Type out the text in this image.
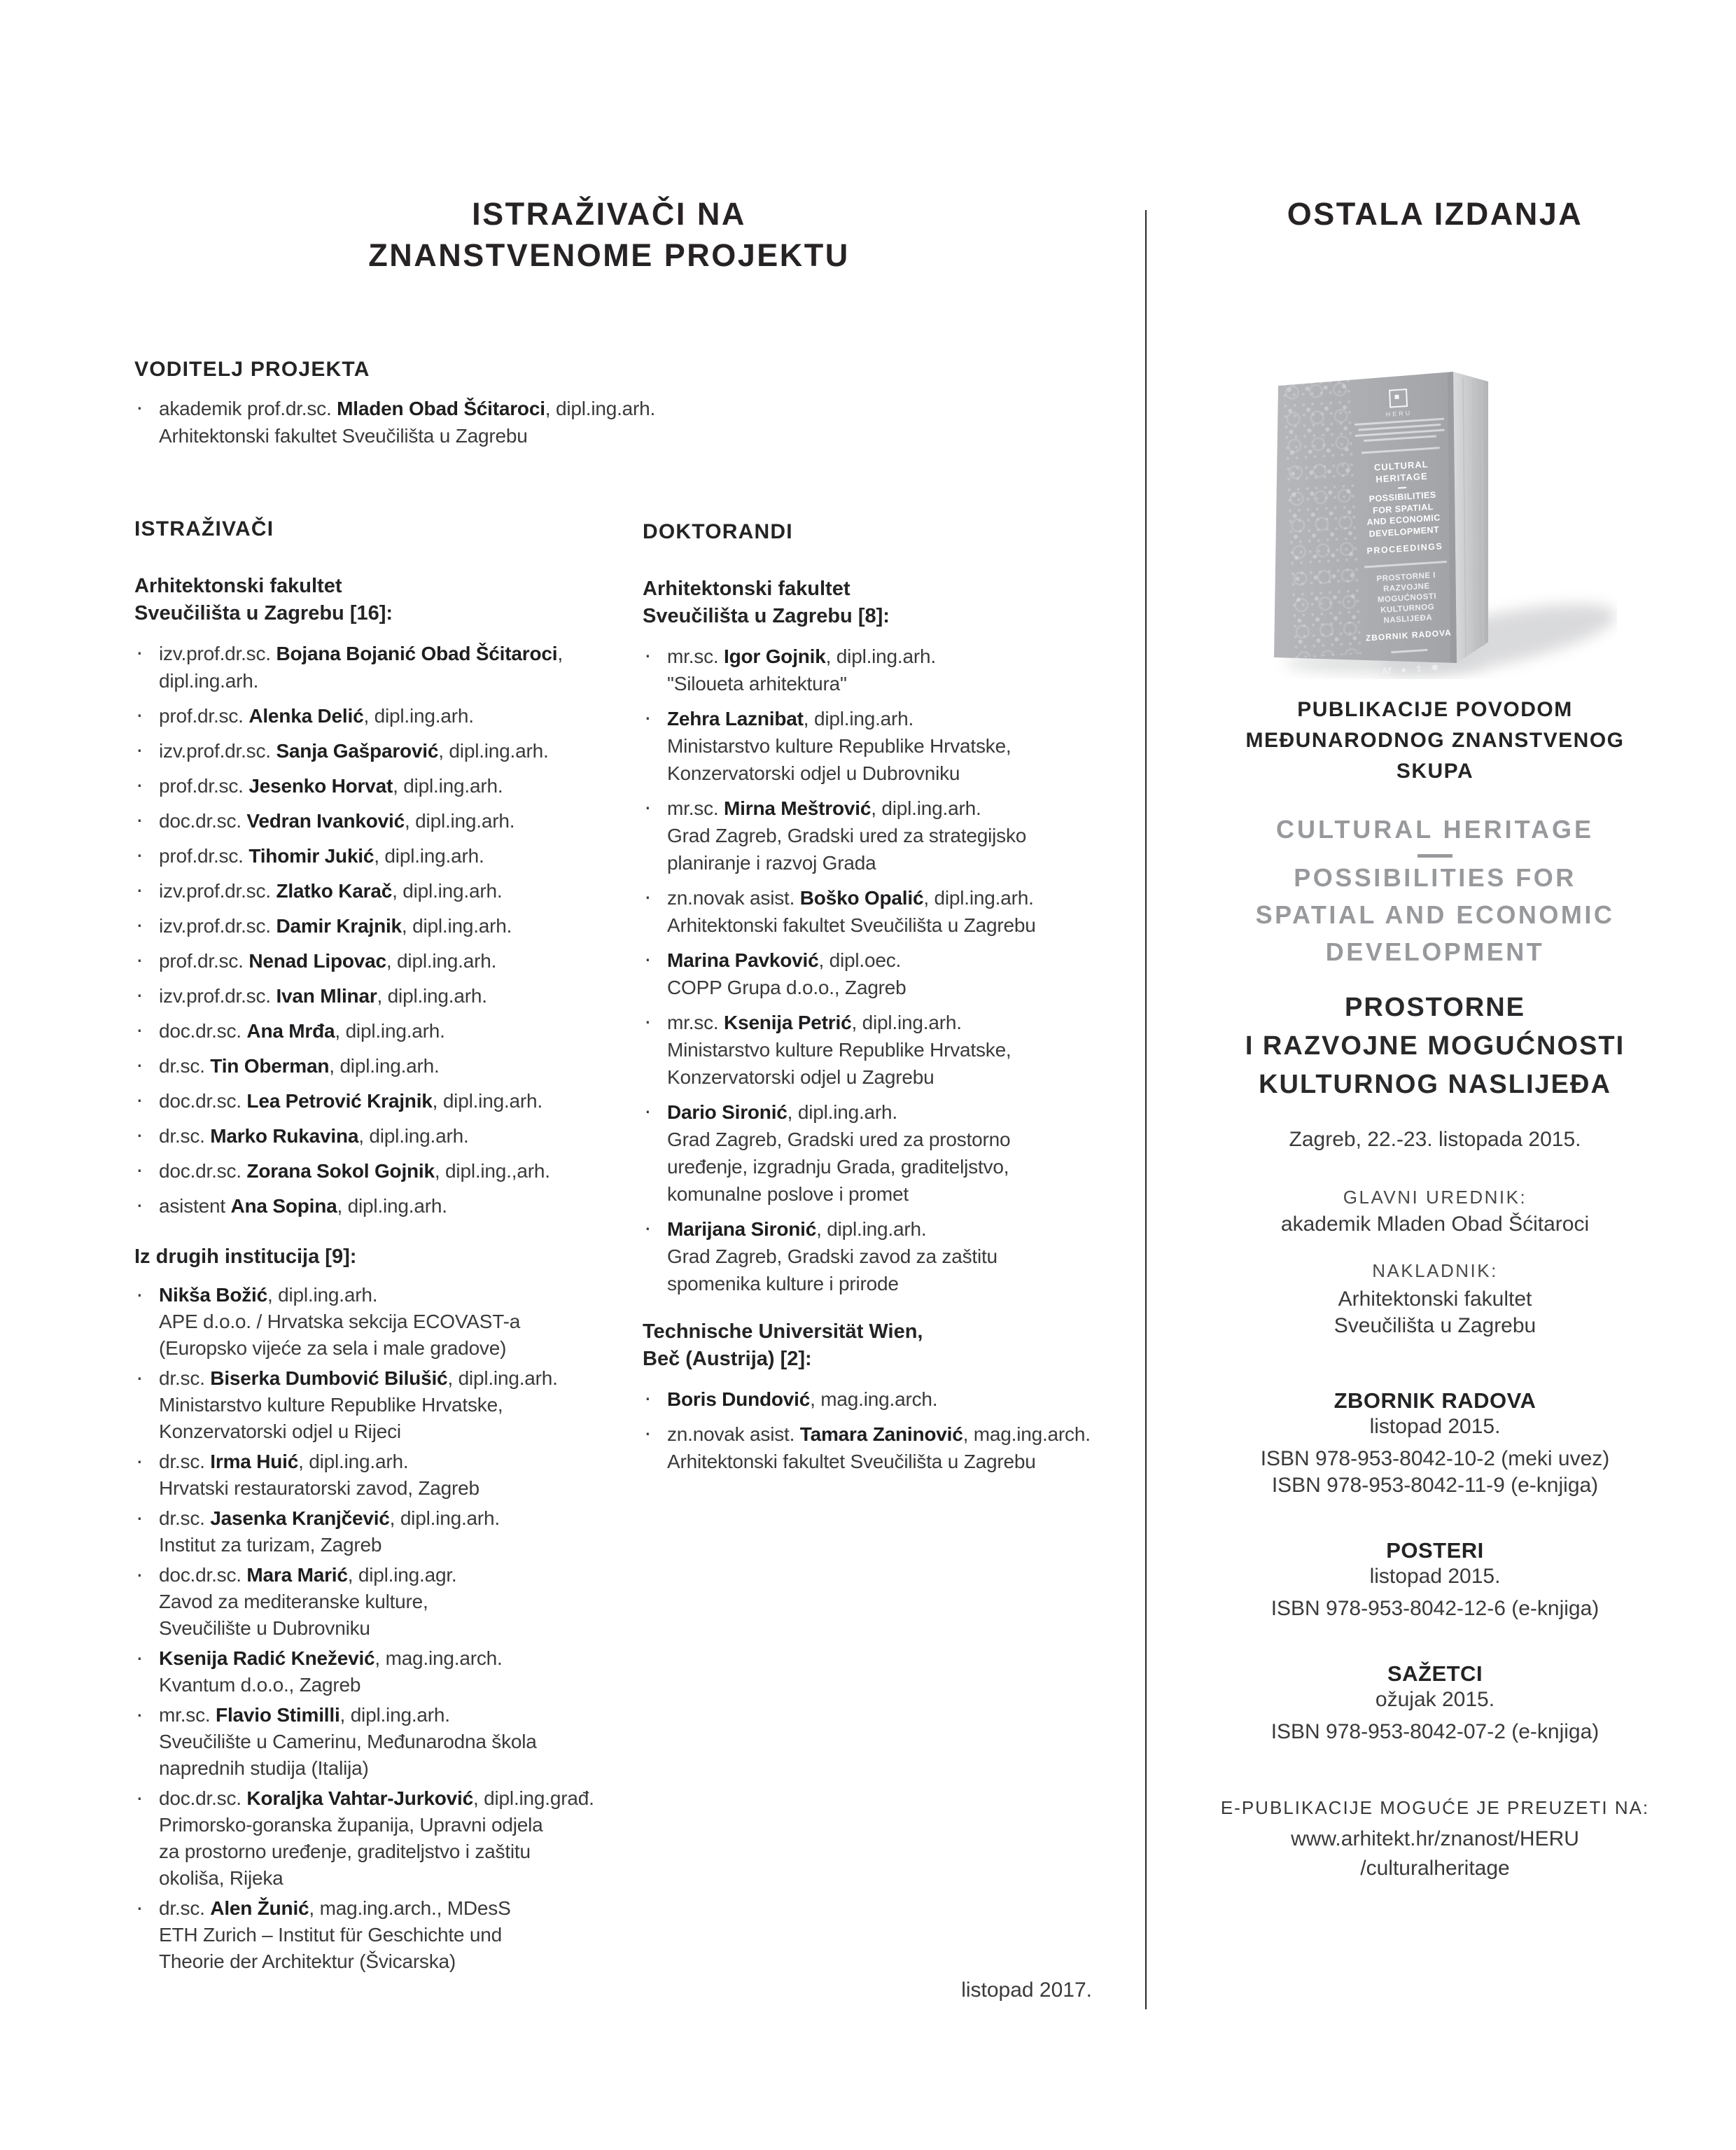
ISTRAŽIVAČI NA
ZNANSTVENOME PROJEKTU
VODITELJ PROJEKTA
· akademik prof.dr.sc. Mladen Obad Šćitaroci, dipl.ing.arh.
Arhitektonski fakultet Sveučilišta u Zagrebu
ISTRAŽIVAČI
Arhitektonski fakultet
Sveučilišta u Zagrebu [16]:
· izv.prof.dr.sc. Bojana Bojanić Obad Šćitaroci,
dipl.ing.arh.
· prof.dr.sc. Alenka Delić, dipl.ing.arh.
· izv.prof.dr.sc. Sanja Gašparović, dipl.ing.arh.
· prof.dr.sc. Jesenko Horvat, dipl.ing.arh.
· doc.dr.sc. Vedran Ivanković, dipl.ing.arh.
· prof.dr.sc. Tihomir Jukić, dipl.ing.arh.
· izv.prof.dr.sc. Zlatko Karač, dipl.ing.arh.
· izv.prof.dr.sc. Damir Krajnik, dipl.ing.arh.
· prof.dr.sc. Nenad Lipovac, dipl.ing.arh.
· izv.prof.dr.sc. Ivan Mlinar, dipl.ing.arh.
· doc.dr.sc. Ana Mrđa, dipl.ing.arh.
· dr.sc. Tin Oberman, dipl.ing.arh.
· doc.dr.sc. Lea Petrović Krajnik, dipl.ing.arh.
· dr.sc. Marko Rukavina, dipl.ing.arh.
· doc.dr.sc. Zorana Sokol Gojnik, dipl.ing.,arh.
· asistent Ana Sopina, dipl.ing.arh.
Iz drugih institucija [9]:
· Nikša Božić, dipl.ing.arh.
APE d.o.o. / Hrvatska sekcija ECOVAST-a
(Europsko vijeće za sela i male gradove)
· dr.sc. Biserka Dumbović Bilušić, dipl.ing.arh.
Ministarstvo kulture Republike Hrvatske,
Konzervatorski odjel u Rijeci
· dr.sc. Irma Huić, dipl.ing.arh.
Hrvatski restauratorski zavod, Zagreb
· dr.sc. Jasenka Kranjčević, dipl.ing.arh.
Institut za turizam, Zagreb
· doc.dr.sc. Mara Marić, dipl.ing.agr.
Zavod za mediteranske kulture,
Sveučilište u Dubrovniku
· Ksenija Radić Knežević, mag.ing.arch.
Kvantum d.o.o., Zagreb
· mr.sc. Flavio Stimilli, dipl.ing.arh.
Sveučilište u Camerinu, Međunarodna škola
naprednih studija (Italija)
· doc.dr.sc. Koraljka Vahtar-Jurković, dipl.ing.građ.
Primorsko-goranska županija, Upravni odjela
za prostorno uređenje, graditeljstvo i zaštitu
okoliša, Rijeka
· dr.sc. Alen Žunić, mag.ing.arch., MDesS
ETH Zurich – Institut für Geschichte und
Theorie der Architektur (Švicarska)
DOKTORANDI
Arhitektonski fakultet
Sveučilišta u Zagrebu [8]:
· mr.sc. Igor Gojnik, dipl.ing.arh.
"Siloueta arhitektura"
· Zehra Laznibat, dipl.ing.arh.
Ministarstvo kulture Republike Hrvatske,
Konzervatorski odjel u Dubrovniku
· mr.sc. Mirna Meštrović, dipl.ing.arh.
Grad Zagreb, Gradski ured za strategijsko
planiranje i razvoj Grada
· zn.novak asist. Boško Opalić, dipl.ing.arh.
Arhitektonski fakultet Sveučilišta u Zagrebu
· Marina Pavković, dipl.oec.
COPP Grupa d.o.o., Zagreb
· mr.sc. Ksenija Petrić, dipl.ing.arh.
Ministarstvo kulture Republike Hrvatske,
Konzervatorski odjel u Zagrebu
· Dario Sironić, dipl.ing.arh.
Grad Zagreb, Gradski ured za prostorno
uređenje, izgradnju Grada, graditeljstvo,
komunalne poslove i promet
· Marijana Sironić, dipl.ing.arh.
Grad Zagreb, Gradski zavod za zaštitu
spomenika kulture i prirode
Technische Universität Wien,
Beč (Austrija) [2]:
· Boris Dundović, mag.ing.arch.
· zn.novak asist. Tamara Zaninović, mag.ing.arch.
Arhitektonski fakultet Sveučilišta u Zagrebu
listopad 2017.
OSTALA IZDANJA
HERU
CULTURAL
HERITAGE
POSSIBILITIES
FOR SPATIAL
AND ECONOMIC
DEVELOPMENT
PROCEEDINGS
PROSTORNE I
RAZVOJNE
MOGUĆNOSTI
KULTURNOG
NASLIJEĐA
ZBORNIK RADOVA
Af ● ‡ ✱
PUBLIKACIJE POVODOM
MEĐUNARODNOG ZNANSTVENOG
SKUPA
CULTURAL HERITAGE
POSSIBILITIES FOR
SPATIAL AND ECONOMIC
DEVELOPMENT
PROSTORNE
I RAZVOJNE MOGUĆNOSTI
KULTURNOG NASLIJEĐA
Zagreb, 22.-23. listopada 2015.
GLAVNI UREDNIK:
akademik Mladen Obad Šćitaroci
NAKLADNIK:
Arhitektonski fakultet
Sveučilišta u Zagrebu
ZBORNIK RADOVA
listopad 2015.
ISBN 978-953-8042-10-2 (meki uvez)
ISBN 978-953-8042-11-9 (e-knjiga)
POSTERI
listopad 2015.
ISBN 978-953-8042-12-6 (e-knjiga)
SAŽETCI
ožujak 2015.
ISBN 978-953-8042-07-2 (e-knjiga)
E-PUBLIKACIJE MOGUĆE JE PREUZETI NA:
www.arhitekt.hr/znanost/HERU
/culturalheritage
